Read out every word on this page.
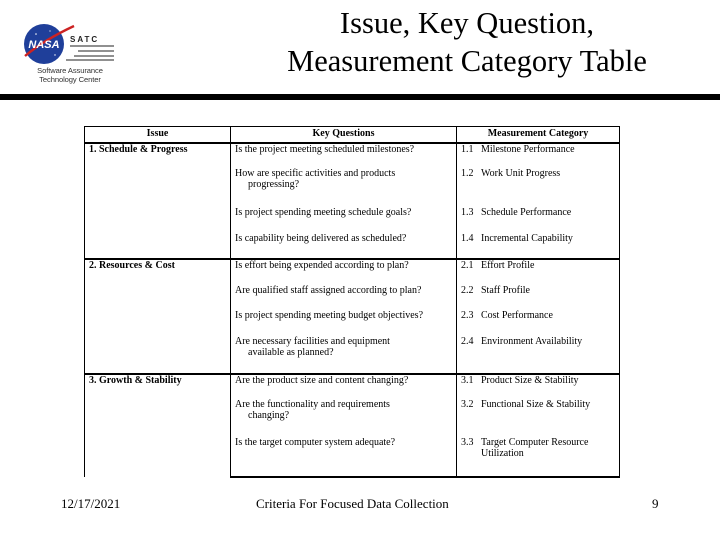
NASA SATC
Software Assurance
Technology Center
Issue, Key Question,
Measurement Category Table
Issue	Key Questions	Measurement Category
1. Schedule & Progress	Is the project meeting scheduled milestones?	1.1 Milestone Performance

	How are specific activities and products
progressing?	1.2 Work Unit Progress

	Is project spending meeting schedule goals?	1.3 Schedule Performance

	Is capability being delivered as scheduled?	1.4 Incremental Capability
2. Resources & Cost	Is effort being expended according to plan?	2.1 Effort Profile

	Are qualified staff assigned according to plan?	2.2 Staff Profile

	Is project spending meeting budget objectives?	2.3 Cost Performance

	Are necessary facilities and equipment
available as planned?	2.4 Environment Availability
3. Growth & Stability	Are the product size and content changing?	3.1 Product Size & Stability

	Are the functionality and requirements
changing?	3.2 Functional Size & Stability

	Is the target computer system adequate?	3.3 Target Computer Resource
Utilization
12/17/2021	Criteria For Focused Data Collection	9
